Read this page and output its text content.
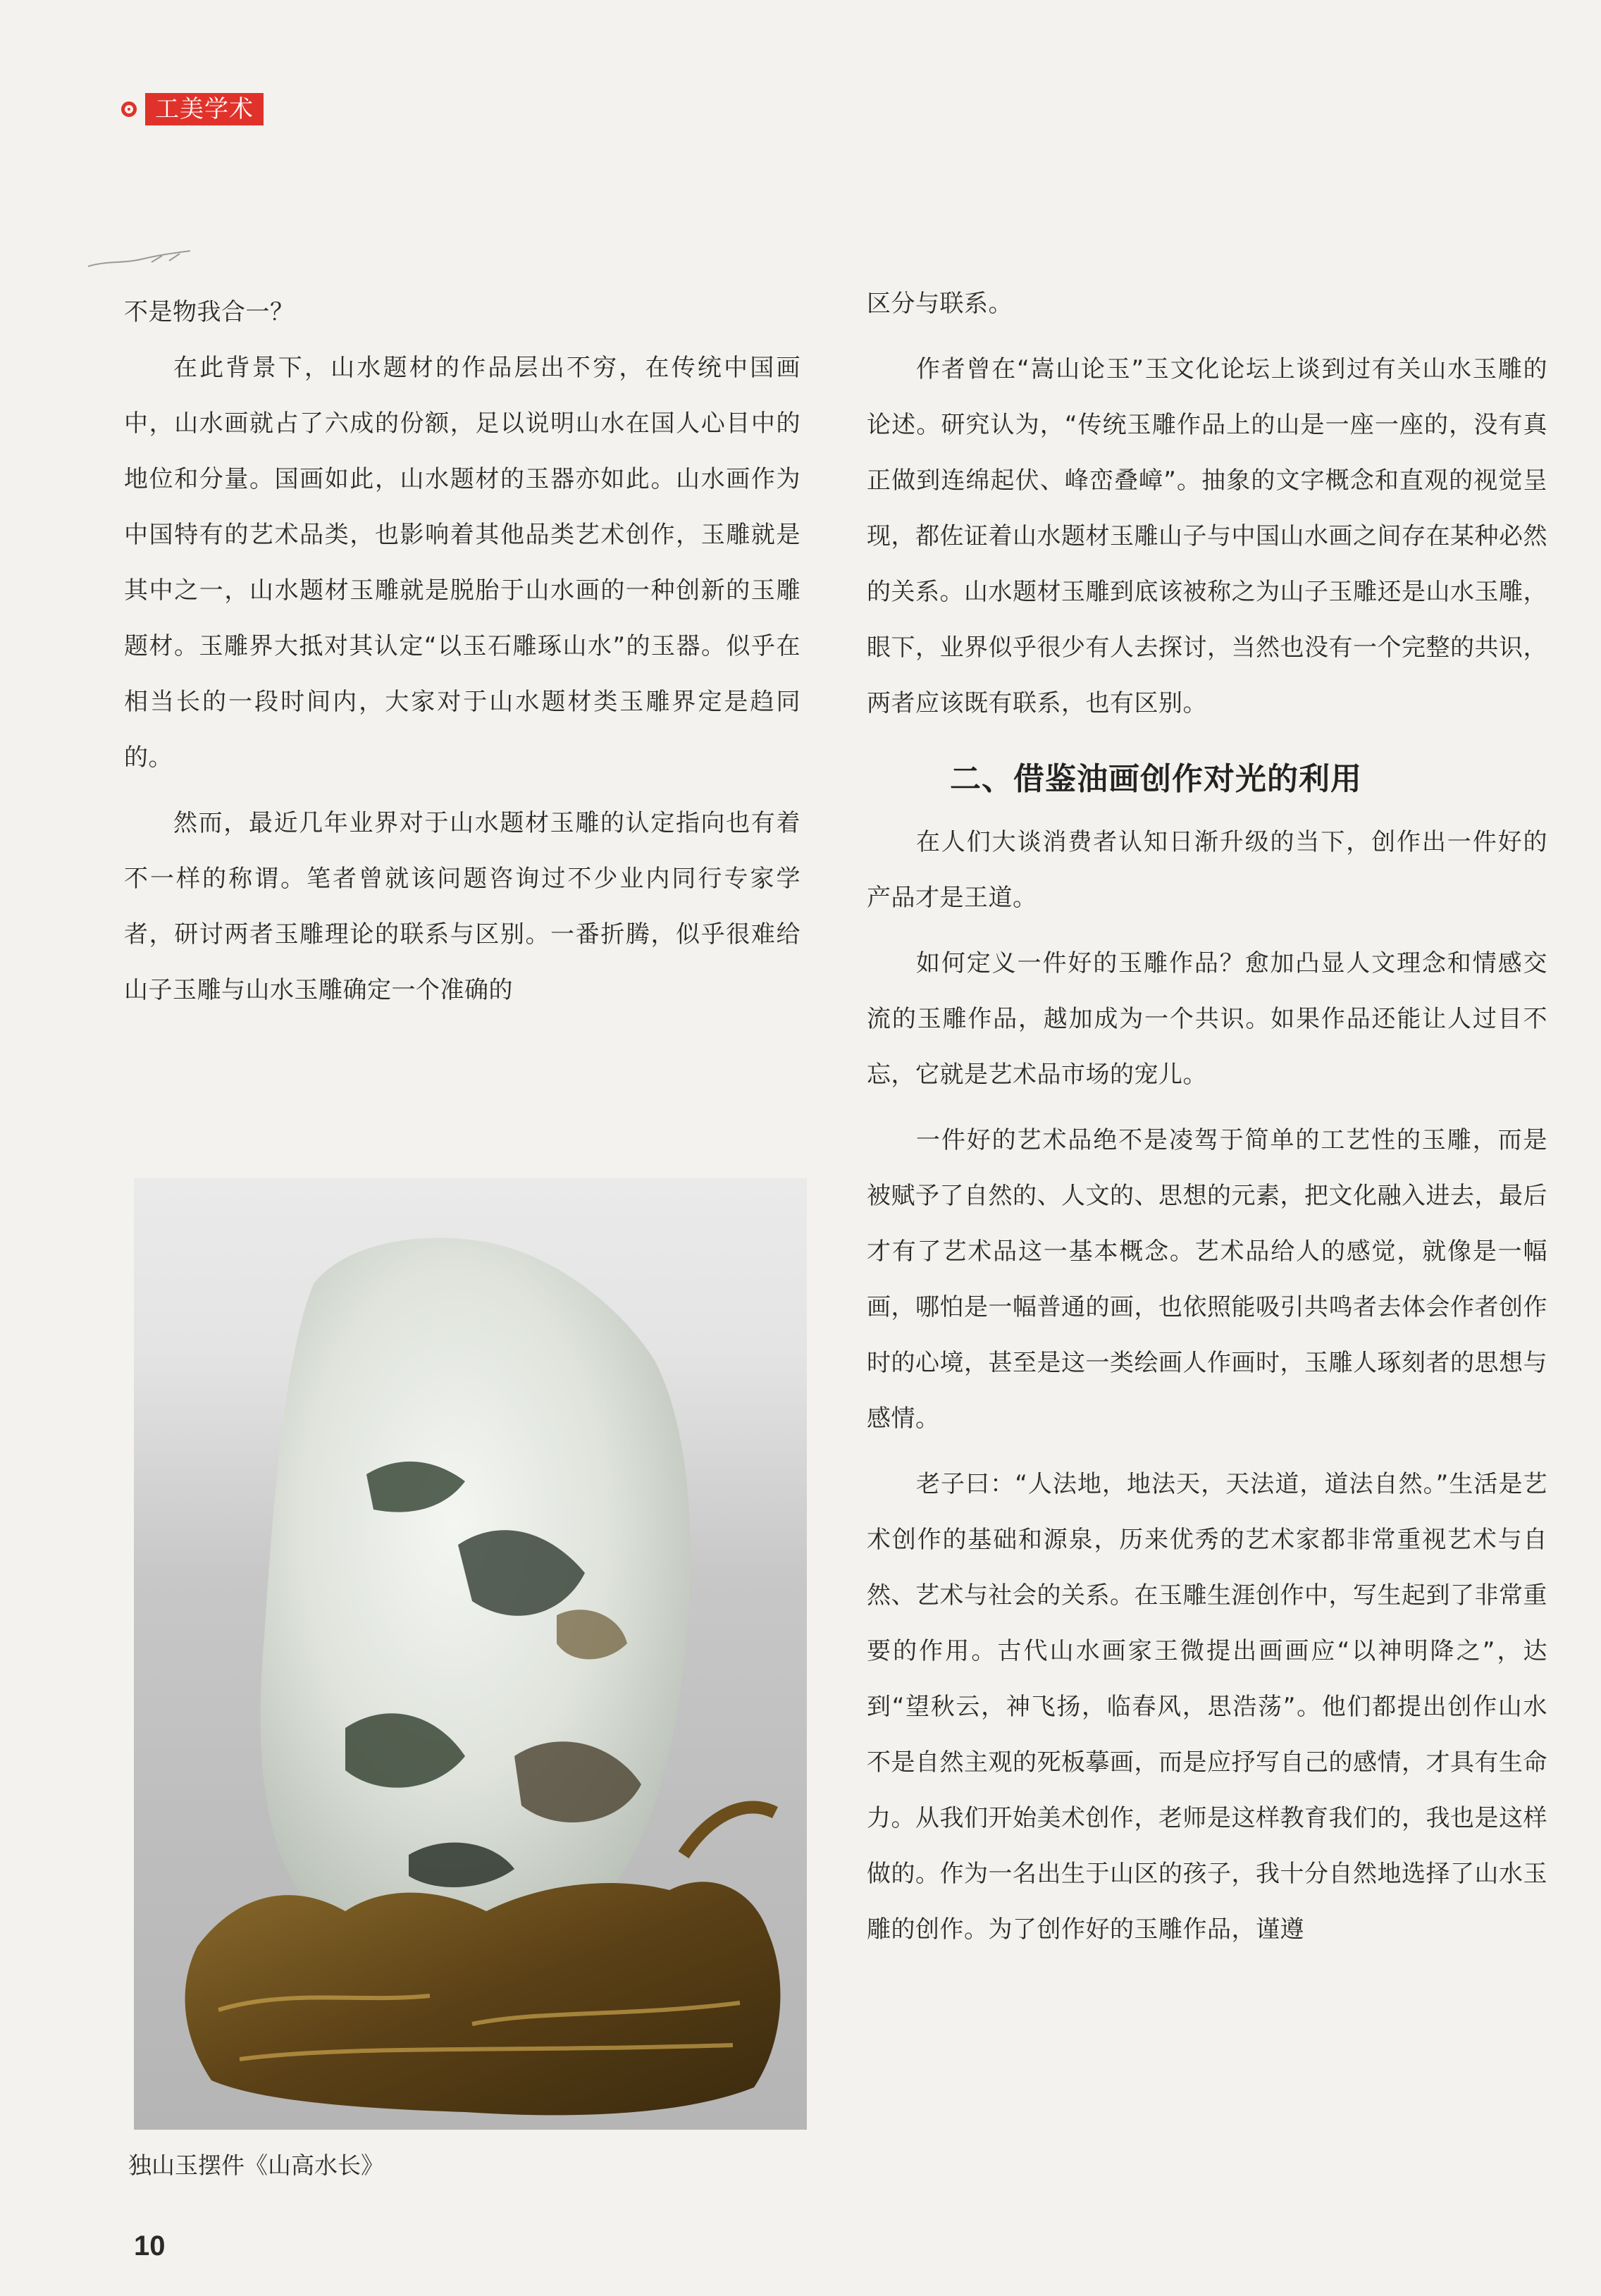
工美学术

不是物我合一？

在此背景下，山水题材的作品层出不穷，在传统中国画中，山水画就占了六成的份额，足以说明山水在国人心目中的地位和分量。国画如此，山水题材的玉器亦如此。山水画作为中国特有的艺术品类，也影响着其他品类艺术创作，玉雕就是其中之一，山水题材玉雕就是脱胎于山水画的一种创新的玉雕题材。玉雕界大抵对其认定“以玉石雕琢山水”的玉器。似乎在相当长的一段时间内，大家对于山水题材类玉雕界定是趋同的。

然而，最近几年业界对于山水题材玉雕的认定指向也有着不一样的称谓。笔者曾就该问题咨询过不少业内同行专家学者，研讨两者玉雕理论的联系与区别。一番折腾，似乎很难给山子玉雕与山水玉雕确定一个准确的

独山玉摆件《山高水长》

区分与联系。

作者曾在“嵩山论玉”玉文化论坛上谈到过有关山水玉雕的论述。研究认为，“传统玉雕作品上的山是一座一座的，没有真正做到连绵起伏、峰峦叠嶂”。抽象的文字概念和直观的视觉呈现，都佐证着山水题材玉雕山子与中国山水画之间存在某种必然的关系。山水题材玉雕到底该被称之为山子玉雕还是山水玉雕，眼下，业界似乎很少有人去探讨，当然也没有一个完整的共识，两者应该既有联系，也有区别。

二、借鉴油画创作对光的利用

在人们大谈消费者认知日渐升级的当下，创作出一件好的产品才是王道。

如何定义一件好的玉雕作品？愈加凸显人文理念和情感交流的玉雕作品，越加成为一个共识。如果作品还能让人过目不忘，它就是艺术品市场的宠儿。

一件好的艺术品绝不是凌驾于简单的工艺性的玉雕，而是被赋予了自然的、人文的、思想的元素，把文化融入进去，最后才有了艺术品这一基本概念。艺术品给人的感觉，就像是一幅画，哪怕是一幅普通的画，也依照能吸引共鸣者去体会作者创作时的心境，甚至是这一类绘画人作画时，玉雕人琢刻者的思想与感情。

老子曰：“人法地，地法天，天法道，道法自然。”生活是艺术创作的基础和源泉，历来优秀的艺术家都非常重视艺术与自然、艺术与社会的关系。在玉雕生涯创作中，写生起到了非常重要的作用。古代山水画家王微提出画画应“以神明降之”，达到“望秋云，神飞扬，临春风，思浩荡”。他们都提出创作山水不是自然主观的死板摹画，而是应抒写自己的感情，才具有生命力。从我们开始美术创作，老师是这样教育我们的，我也是这样做的。作为一名出生于山区的孩子，我十分自然地选择了山水玉雕的创作。为了创作好的玉雕作品，谨遵

10
